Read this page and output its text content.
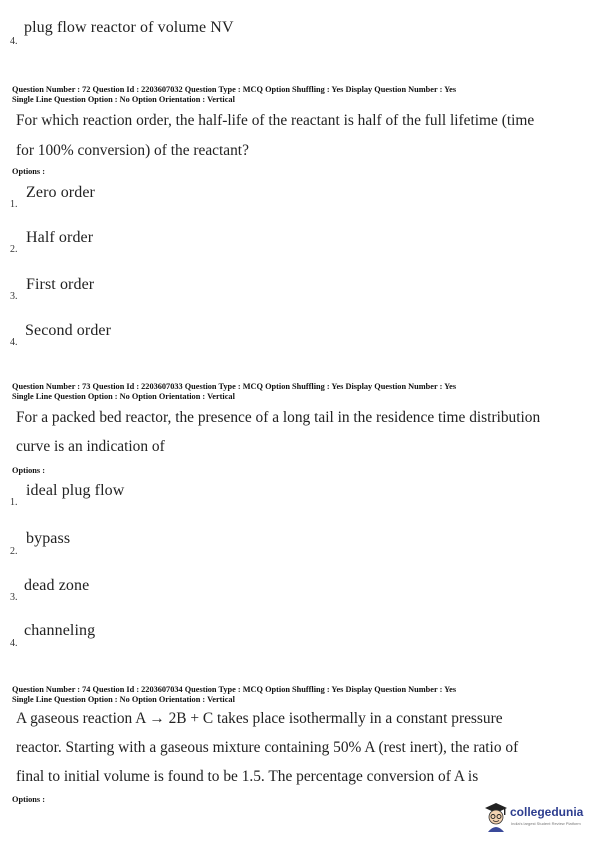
4.
plug flow reactor of volume NV
Question Number : 72 Question Id : 2203607032 Question Type : MCQ Option Shuffling : Yes Display Question Number : Yes
Single Line Question Option : No Option Orientation : Vertical
For which reaction order, the half-life of the reactant is half of the full lifetime (time
for 100% conversion) of the reactant?
Options :
1.
Zero order
2.
Half order
3.
First order
4.
Second order
Question Number : 73 Question Id : 2203607033 Question Type : MCQ Option Shuffling : Yes Display Question Number : Yes
Single Line Question Option : No Option Orientation : Vertical
For a packed bed reactor, the presence of a long tail in the residence time distribution
curve is an indication of
Options :
1.
ideal plug flow
2.
bypass
3.
dead zone
4.
channeling
Question Number : 74 Question Id : 2203607034 Question Type : MCQ Option Shuffling : Yes Display Question Number : Yes
Single Line Question Option : No Option Orientation : Vertical
A gaseous reaction A → 2B + C takes place isothermally in a constant pressure
reactor. Starting with a gaseous mixture containing 50% A (rest inert), the ratio of
final to initial volume is found to be 1.5. The percentage conversion of A is
Options :
collegedunia
India's largest Student Review Platform
